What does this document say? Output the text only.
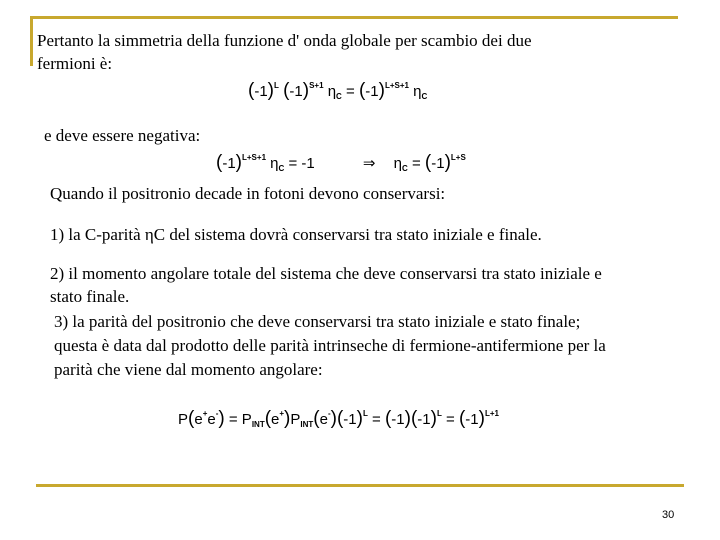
Pertanto la simmetria della funzione d' onda globale per scambio dei due
fermioni è:
$(-1)^L$ $(-1)^{S+1}$ $\eta_C = (-1)^{L+S+1}$ $\eta_C$
e deve essere negativa:
$(-1)^{L+S+1}$ $\eta_C = -1$	⇒ $\eta_C = (-1)^{L+S}$
Quando il positronio decade in fotoni devono conservarsi:
1) la C-parità ηC del sistema dovrà conservarsi tra stato iniziale e finale.
2) il momento angolare totale del sistema che deve conservarsi tra stato iniziale e
stato finale.
3) la parità del positronio che deve conservarsi tra stato iniziale e stato finale;
questa è data dal prodotto delle parità intrinseche di fermione-antifermione per la
parità che viene dal momento angolare:
$P(e^+e^-) = P_{INT}(e^+)P_{INT}(e^-)(-1)^L = (-1)(-1)^L = (-1)^{L+1}$
30
